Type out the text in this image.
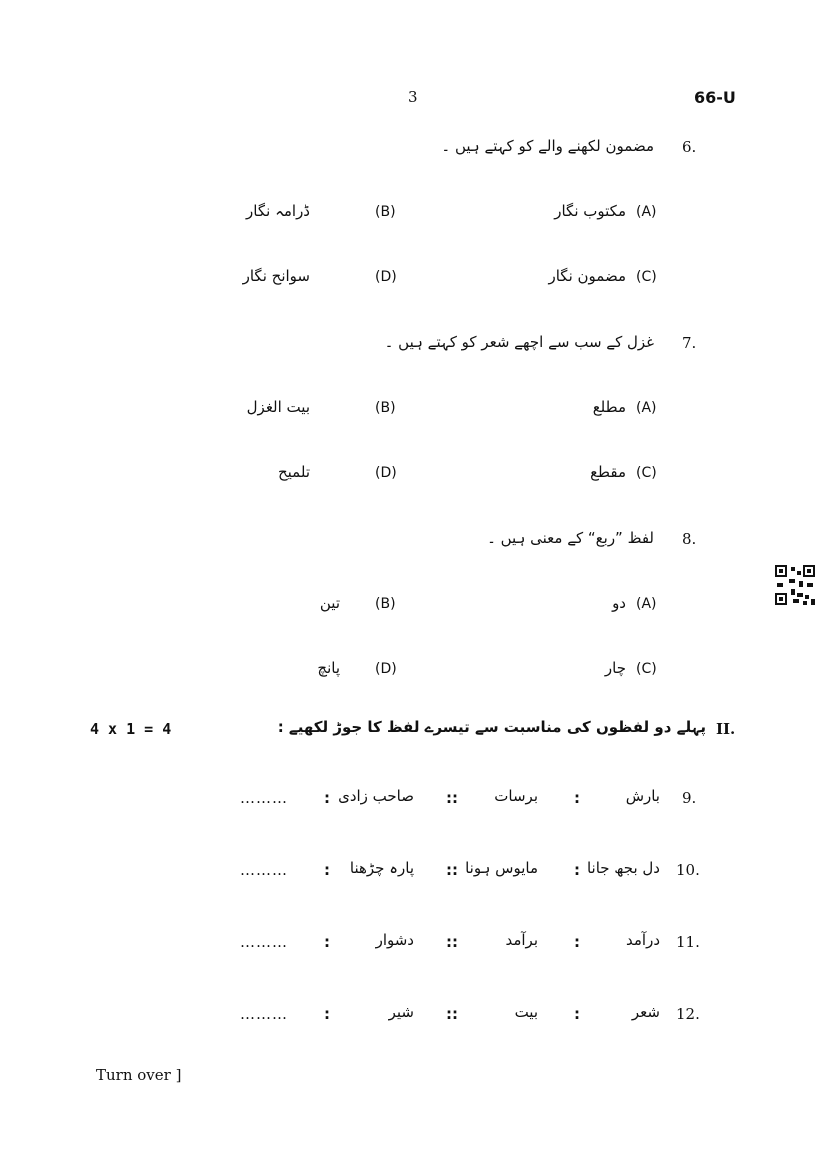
3	66-U
6.
مضمون لکھنے والے کو کہتے ہیں ۔
(A)
مکتوب نگار
(B)
ڈرامہ نگار
(C)
مضمون نگار
(D)
سوانح نگار
7.
غزل کے سب سے اچھے شعر کو کہتے ہیں ۔
(A)
مطلع
(B)
بیت الغزل
(C)
مقطع
(D)
تلمیح
8.
لفظ ”ربع“ کے معنی ہیں ۔
(A)
دو
(B)
تین
(C)
چار
(D)
پانچ
II.
پہلے دو لفظوں کی مناسبت سے تیسرے لفظ کا جوڑ لکھیے :
4 x 1 = 4
9.
بارش
:
برسات
::
صاحب زادی
:
………
10.
دل بجھ جانا
:
مایوس ہونا
::
پارہ چڑھنا
:
………
11.
درآمد
:
برآمد
::
دشوار
:
………
12.
شعر
:
بیت
::
شیر
:
………
Turn over ]
